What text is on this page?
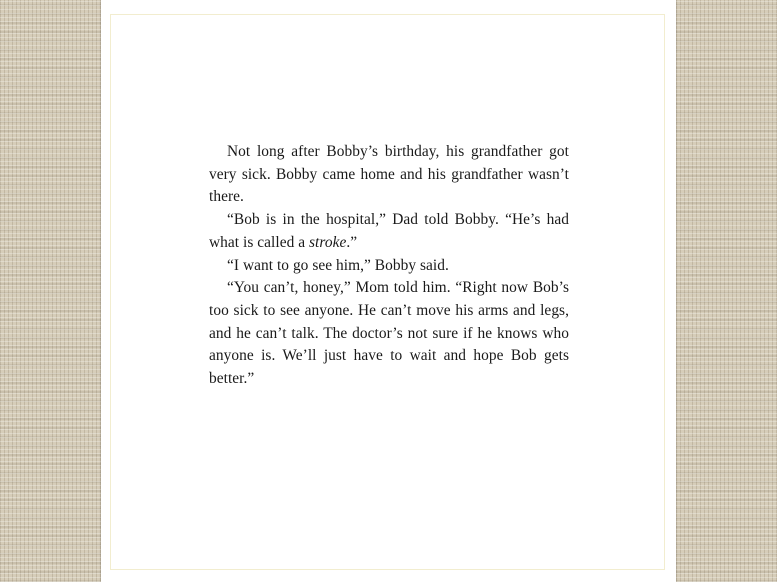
Not long after Bobby’s birthday, his grandfather got very sick. Bobby came home and his grandfather wasn’t there.

“Bob is in the hospital,” Dad told Bobby. “He’s had what is called a stroke.”

“I want to go see him,” Bobby said.

“You can’t, honey,” Mom told him. “Right now Bob’s too sick to see anyone. He can’t move his arms and legs, and he can’t talk. The doctor’s not sure if he knows who anyone is. We’ll just have to wait and hope Bob gets better.”
